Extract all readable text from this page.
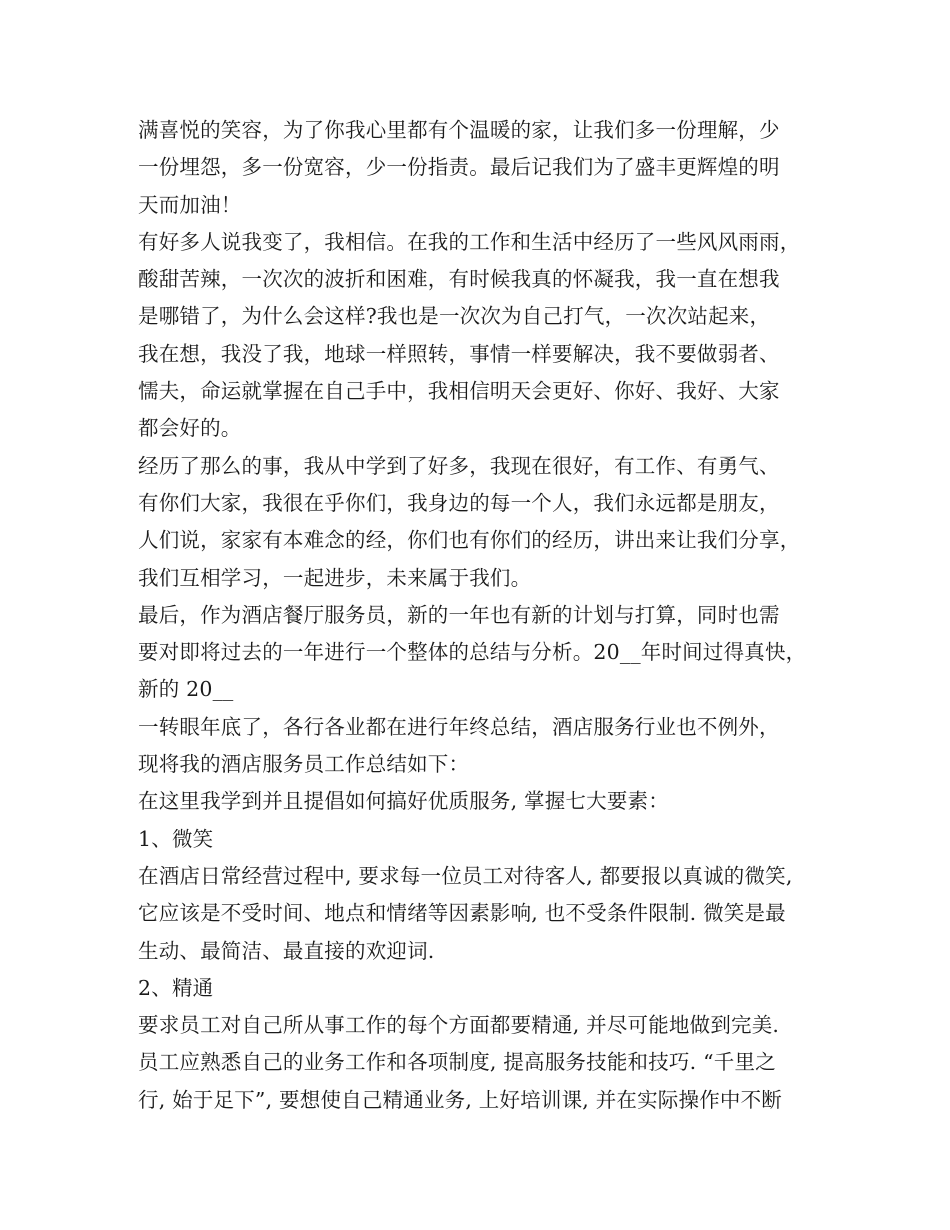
满喜悦的笑容，为了你我心里都有个温暖的家，让我们多一份理解，少
一份埋怨，多一份宽容，少一份指责。最后记我们为了盛丰更辉煌的明
天而加油！
有好多人说我变了，我相信。在我的工作和生活中经历了一些风风雨雨，
酸甜苦辣，一次次的波折和困难，有时候我真的怀凝我，我一直在想我
是哪错了，为什么会这样?我也是一次次为自己打气，一次次站起来，
我在想，我没了我，地球一样照转，事情一样要解决，我不要做弱者、
懦夫，命运就掌握在自己手中，我相信明天会更好、你好、我好、大家
都会好的。
经历了那么的事，我从中学到了好多，我现在很好，有工作、有勇气、
有你们大家，我很在乎你们，我身边的每一个人，我们永远都是朋友，
人们说，家家有本难念的经，你们也有你们的经历，讲出来让我们分享，
我们互相学习，一起进步，未来属于我们。
最后，作为酒店餐厅服务员，新的一年也有新的计划与打算，同时也需
要对即将过去的一年进行一个整体的总结与分析。20__年时间过得真快，
新的 20__
一转眼年底了，各行各业都在进行年终总结，酒店服务行业也不例外，
现将我的酒店服务员工作总结如下：
在这里我学到并且提倡如何搞好优质服务, 掌握七大要素：
1、微笑
在酒店日常经营过程中, 要求每一位员工对待客人, 都要报以真诚的微笑,
它应该是不受时间、地点和情绪等因素影响, 也不受条件限制. 微笑是最
生动、最简洁、最直接的欢迎词.
2、精通
要求员工对自己所从事工作的每个方面都要精通, 并尽可能地做到完美.
员工应熟悉自己的业务工作和各项制度, 提高服务技能和技巧. “千里之
行, 始于足下”, 要想使自己精通业务, 上好培训课, 并在实际操作中不断
